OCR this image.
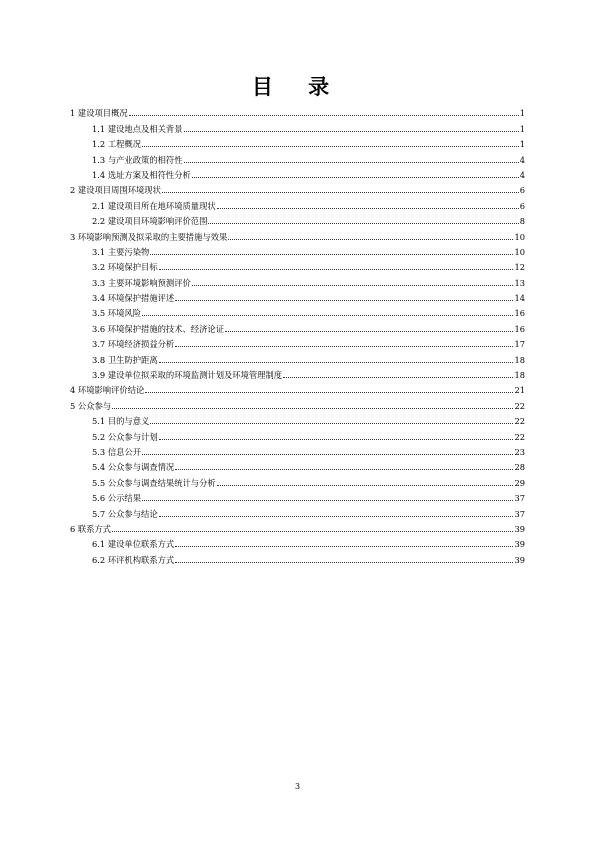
目 录
1 建设项目概况	1
1.1 建设地点及相关背景	1
1.2 工程概况	1
1.3 与产业政策的相符性	4
1.4 选址方案及相符性分析	4
2 建设项目周围环境现状	6
2.1 建设项目所在地环境质量现状	6
2.2 建设项目环境影响评价范围	8
3 环境影响预测及拟采取的主要措施与效果	10
3.1 主要污染物	10
3.2 环境保护目标	12
3.3 主要环境影响预测评价	13
3.4 环境保护措施评述	14
3.5 环境风险	16
3.6 环境保护措施的技术、经济论证	16
3.7 环境经济损益分析	17
3.8 卫生防护距离	18
3.9 建设单位拟采取的环境监测计划及环境管理制度	18
4 环境影响评价结论	21
5 公众参与	22
5.1 目的与意义	22
5.2 公众参与计划	22
5.3 信息公开	23
5.4 公众参与调查情况	28
5.5 公众参与调查结果统计与分析	29
5.6 公示结果	37
5.7 公众参与结论	37
6 联系方式	39
6.1 建设单位联系方式	39
6.2 环评机构联系方式	39
3
